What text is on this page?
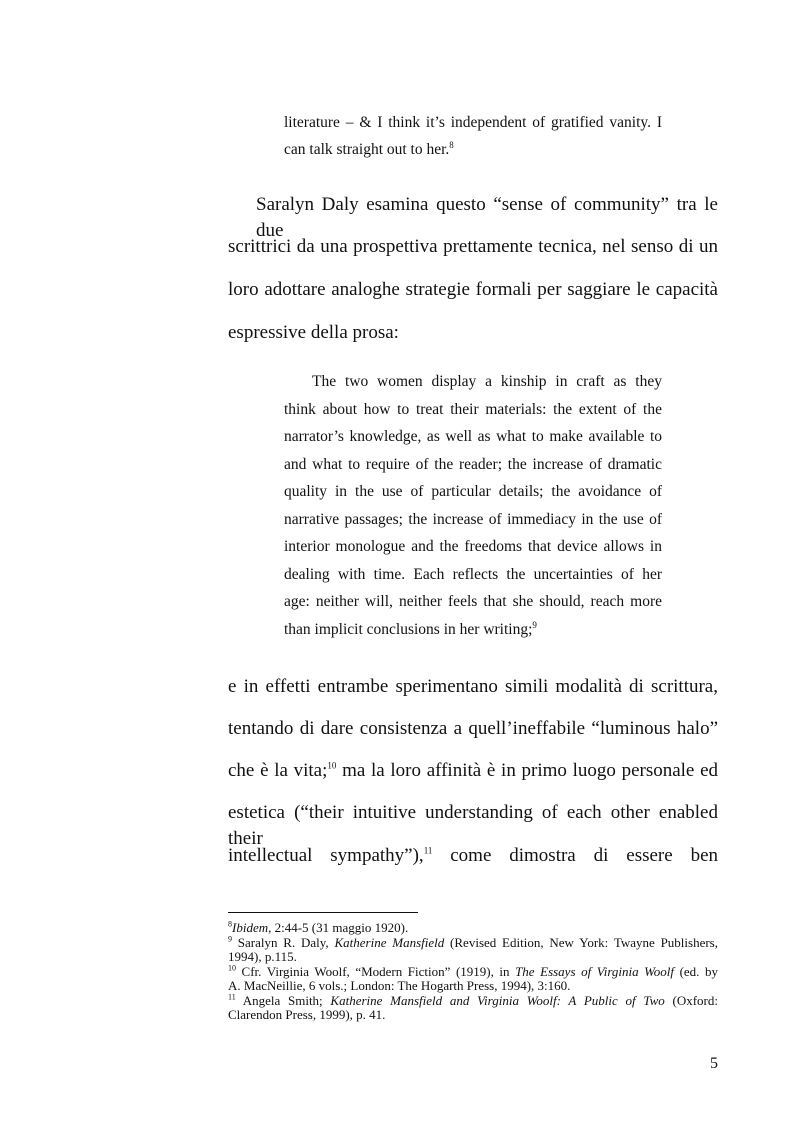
literature – & I think it’s independent of gratified vanity. I
can talk straight out to her.$^8$
Saralyn Daly esamina questo “sense of community” tra le due
scrittrici da una prospettiva prettamente tecnica, nel senso di un
loro adottare analoghe strategie formali per saggiare le capacità
espressive della prosa:
The two women display a kinship in craft as they
think about how to treat their materials: the extent of the
narrator’s knowledge, as well as what to make available to
and what to require of the reader; the increase of dramatic
quality in the use of particular details; the avoidance of
narrative passages; the increase of immediacy in the use of
interior monologue and the freedoms that device allows in
dealing with time. Each reflects the uncertainties of her
age: neither will, neither feels that she should, reach more
than implicit conclusions in her writing;$^9$
e in effetti entrambe sperimentano simili modalità di scrittura,
tentando di dare consistenza a quell’ineffabile “luminous halo”
che è la vita;$^{10}$ ma la loro affinità è in primo luogo personale ed
estetica (“their intuitive understanding of each other enabled their
intellectual sympathy”),$^{11}$ come dimostra di essere ben
$^8$Ibidem, 2:44-5 (31 maggio 1920).
$^9$ Saralyn R. Daly, Katherine Mansfield (Revised Edition, New York: Twayne Publishers,
1994), p.115.
$^{10}$ Cfr. Virginia Woolf, “Modern Fiction” (1919), in The Essays of Virginia Woolf (ed. by
A. MacNeillie, 6 vols.; London: The Hogarth Press, 1994), 3:160.
$^{11}$ Angela Smith; Katherine Mansfield and Virginia Woolf: A Public of Two (Oxford:
Clarendon Press, 1999), p. 41.
5
